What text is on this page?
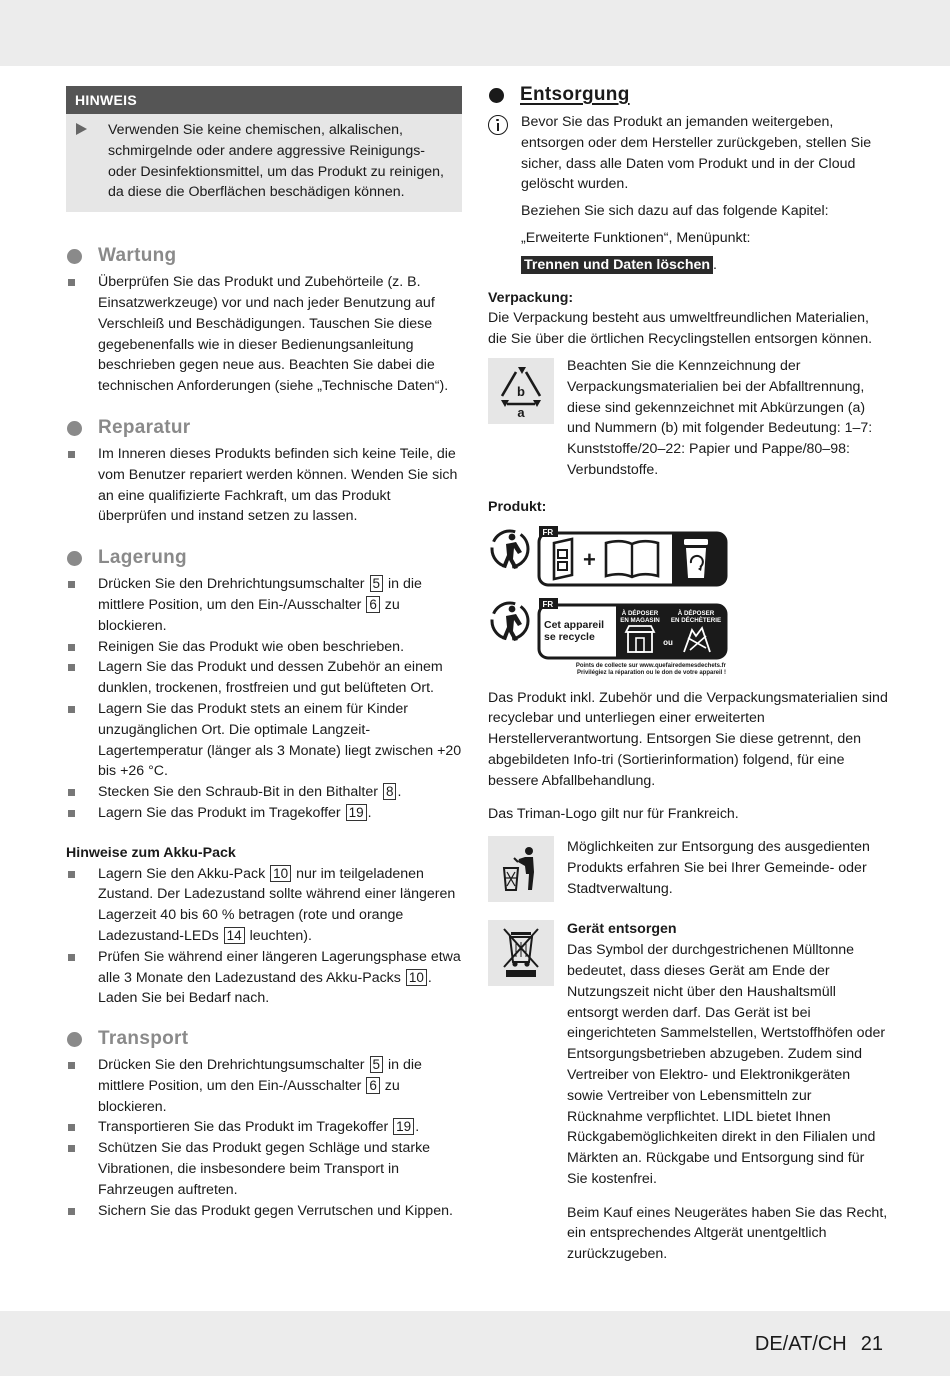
HINWEIS
Verwenden Sie keine chemischen, alkalischen, schmirgelnde oder andere aggressive Reinigungs- oder Desinfektionsmittel, um das Produkt zu reinigen, da diese die Oberflächen beschädigen können.
Wartung
Überprüfen Sie das Produkt und Zubehörteile (z. B. Einsatzwerkzeuge) vor und nach jeder Benutzung auf Verschleiß und Beschädigungen. Tauschen Sie diese gegebenenfalls wie in dieser Bedienungsanleitung beschrieben gegen neue aus. Beachten Sie dabei die technischen Anforderungen (siehe „Technische Daten“).
Reparatur
Im Inneren dieses Produkts befinden sich keine Teile, die vom Benutzer repariert werden können. Wenden Sie sich an eine qualifizierte Fachkraft, um das Produkt überprüfen und instand setzen zu lassen.
Lagerung
Drücken Sie den Drehrichtungsumschalter 5 in die mittlere Position, um den Ein-/Ausschalter 6 zu blockieren.
Reinigen Sie das Produkt wie oben beschrieben.
Lagern Sie das Produkt und dessen Zubehör an einem dunklen, trockenen, frostfreien und gut belüfteten Ort.
Lagern Sie das Produkt stets an einem für Kinder unzugänglichen Ort. Die optimale Langzeit-Lagertemperatur (länger als 3 Monate) liegt zwischen +20 bis +26 °C.
Stecken Sie den Schraub-Bit in den Bithalter 8 .
Lagern Sie das Produkt im Tragekoffer 19 .
Hinweise zum Akku-Pack
Lagern Sie den Akku-Pack 10 nur im teilgeladenen Zustand. Der Ladezustand sollte während einer längeren Lagerzeit 40 bis 60 % betragen (rote und orange Ladezustand-LEDs 14 leuchten).
Prüfen Sie während einer längeren Lagerungsphase etwa alle 3 Monate den Ladezustand des Akku-Packs 10 . Laden Sie bei Bedarf nach.
Transport
Drücken Sie den Drehrichtungsumschalter 5 in die mittlere Position, um den Ein-/Ausschalter 6 zu blockieren.
Transportieren Sie das Produkt im Tragekoffer 19 .
Schützen Sie das Produkt gegen Schläge und starke Vibrationen, die insbesondere beim Transport in Fahrzeugen auftreten.
Sichern Sie das Produkt gegen Verrutschen und Kippen.
Entsorgung
Bevor Sie das Produkt an jemanden weitergeben, entsorgen oder dem Hersteller zurückgeben, stellen Sie sicher, dass alle Daten vom Produkt und in der Cloud gelöscht wurden.
Beziehen Sie sich dazu auf das folgende Kapitel:
„Erweiterte Funktionen“, Menüpunkt:
Trennen und Daten löschen .
Verpackung:
Die Verpackung besteht aus umweltfreundlichen Materialien, die Sie über die örtlichen Recyclingstellen entsorgen können.
b
a
Beachten Sie die Kennzeichnung der Verpackungsmaterialien bei der Abfalltrennung, diese sind gekennzeichnet mit Abkürzungen (a) und Nummern (b) mit folgender Bedeutung: 1–7: Kunststoffe/20–22: Papier und Pappe/80–98: Verbundstoffe.
Produkt:
FR
+
FR
Cet appareil
se recycle
À DÉPOSER
EN MAGASIN
À DÉPOSER
EN DÉCHÈTERIE
ou
Points de collecte sur www.quefairedemesdechets.fr
Privilégiez la réparation ou le don de votre appareil !
Das Produkt inkl. Zubehör und die Verpackungsmaterialien sind recyclebar und unterliegen einer erweiterten Herstellerverantwortung. Entsorgen Sie diese getrennt, den abgebildeten Info-tri (Sortierinformation) folgend, für eine bessere Abfallbehandlung.
Das Triman-Logo gilt nur für Frankreich.
Möglichkeiten zur Entsorgung des ausgedienten Produkts erfahren Sie bei Ihrer Gemeinde- oder Stadtverwaltung.
Gerät entsorgen
Das Symbol der durchgestrichenen Mülltonne bedeutet, dass dieses Gerät am Ende der Nutzungszeit nicht über den Haushaltsmüll entsorgt werden darf. Das Gerät ist bei eingerichteten Sammelstellen, Wertstoffhöfen oder Entsorgungsbetrieben abzugeben. Zudem sind Vertreiber von Elektro- und Elektronikgeräten sowie Vertreiber von Lebensmitteln zur Rücknahme verpflichtet. LIDL bietet Ihnen Rückgabemöglichkeiten direkt in den Filialen und Märkten an. Rückgabe und Entsorgung sind für Sie kostenfrei.
Beim Kauf eines Neugerätes haben Sie das Recht, ein entsprechendes Altgerät unentgeltlich zurückzugeben.
DE/AT/CH 21
